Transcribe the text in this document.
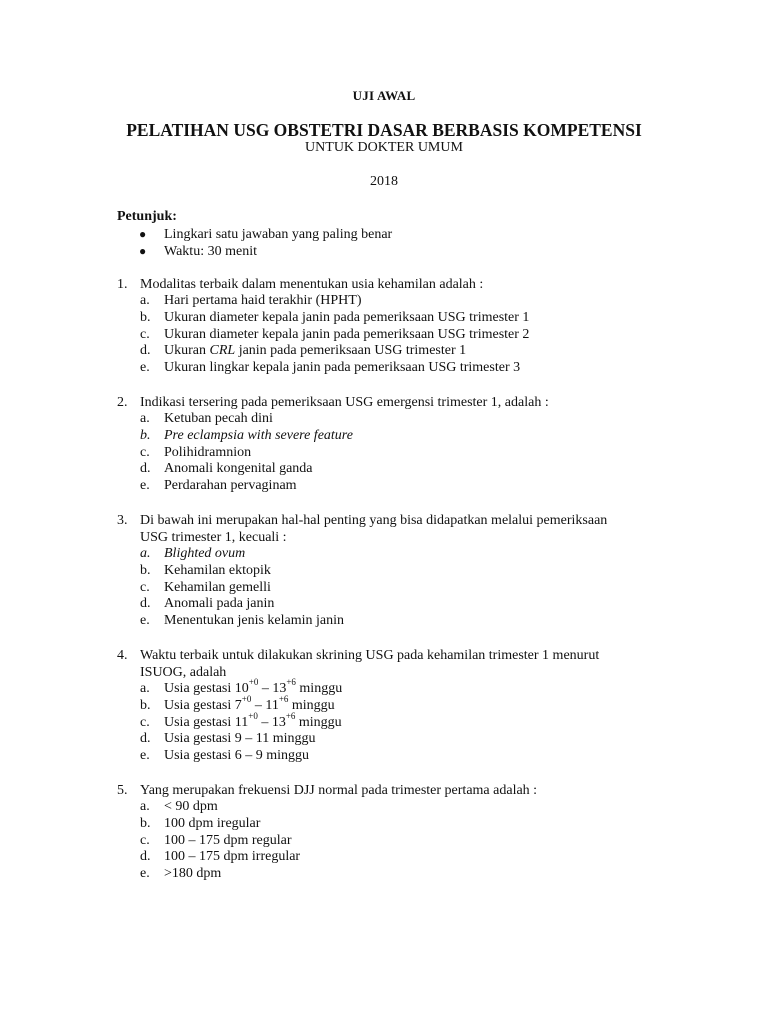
UJI AWAL
PELATIHAN USG OBSTETRI DASAR BERBASIS KOMPETENSI
UNTUK DOKTER UMUM
2018
Petunjuk:
● Lingkari satu jawaban yang paling benar
● Waktu: 30 menit
1. Modalitas terbaik dalam menentukan usia kehamilan adalah :
a. Hari pertama haid terakhir (HPHT)
b. Ukuran diameter kepala janin pada pemeriksaan USG trimester 1
c. Ukuran diameter kepala janin pada pemeriksaan USG trimester 2
d. Ukuran CRL janin pada pemeriksaan USG trimester 1
e. Ukuran lingkar kepala janin pada pemeriksaan USG trimester 3
2. Indikasi tersering pada pemeriksaan USG emergensi trimester 1, adalah :
a. Ketuban pecah dini
b. Pre eclampsia with severe feature
c. Polihidramnion
d. Anomali kongenital ganda
e. Perdarahan pervaginam
3. Di bawah ini merupakan hal-hal penting yang bisa didapatkan melalui pemeriksaan
USG trimester 1, kecuali :
a. Blighted ovum
b. Kehamilan ektopik
c. Kehamilan gemelli
d. Anomali pada janin
e. Menentukan jenis kelamin janin
4. Waktu terbaik untuk dilakukan skrining USG pada kehamilan trimester 1 menurut
ISUOG, adalah
a. Usia gestasi $10^{+0} - 13^{+6}$ minggu
b. Usia gestasi $7^{+0} - 11^{+6}$ minggu
c. Usia gestasi $11^{+0} - 13^{+6}$ minggu
d. Usia gestasi 9 – 11 minggu
e. Usia gestasi 6 – 9 minggu
5. Yang merupakan frekuensi DJJ normal pada trimester pertama adalah :
a. < 90 dpm
b. 100 dpm iregular
c. 100 – 175 dpm regular
d. 100 – 175 dpm irregular
e. >180 dpm
